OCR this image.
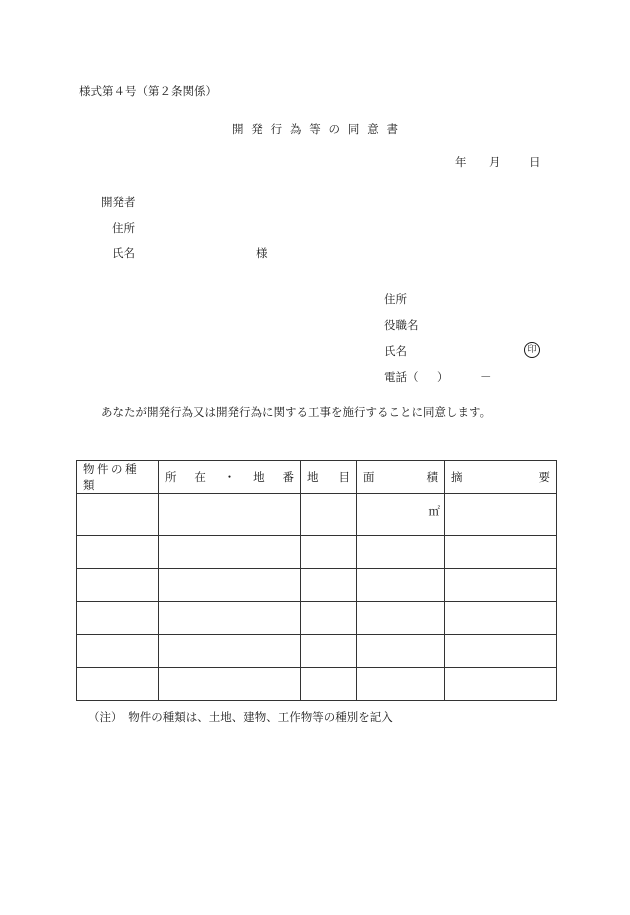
様式第４号（第２条関係）
開発行為等の同意書
年 月 日
開発者
住所
氏名	様
住所
役職名
氏名	印
電話（ ）	－
あなたが開発行為又は開発行為に関する工事を施行することに同意します。
物件の種類	所 在 ・ 地 番	地 目	面 積	摘 要

			㎡	

（注）　物件の種類は、土地、建物、工作物等の種別を記入
